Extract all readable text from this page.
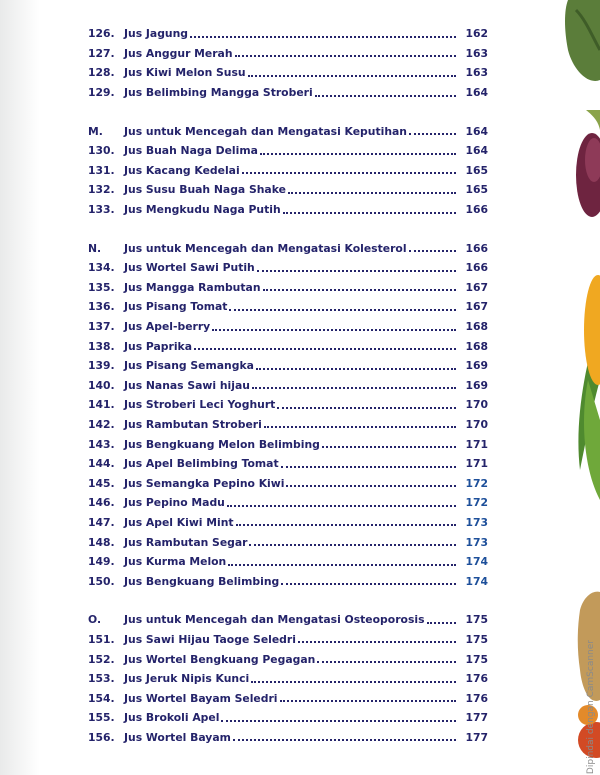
126. Jus Jagung	162
127. Jus Anggur Merah	163
128. Jus Kiwi Melon Susu	163
129. Jus Belimbing Mangga Stroberi	164
M.	Jus untuk Mencegah dan Mengatasi Keputihan	164
130. Jus Buah Naga Delima	164
131. Jus Kacang Kedelai	165
132. Jus Susu Buah Naga Shake	165
133. Jus Mengkudu Naga Putih	166
N.	Jus untuk Mencegah dan Mengatasi Kolesterol	166
134. Jus Wortel Sawi Putih	166
135. Jus Mangga Rambutan	167
136. Jus Pisang Tomat	167
137. Jus Apel-berry	168
138. Jus Paprika	168
139. Jus Pisang Semangka	169
140. Jus Nanas Sawi hijau	169
141. Jus Stroberi Leci Yoghurt	170
142. Jus Rambutan Stroberi	170
143. Jus Bengkuang Melon Belimbing	171
144. Jus Apel Belimbing Tomat	171
145. Jus Semangka Pepino Kiwi	172
146. Jus Pepino Madu	172
147. Jus Apel Kiwi Mint	173
148. Jus Rambutan Segar	173
149. Jus Kurma Melon	174
150. Jus Bengkuang Belimbing	174
O.	Jus untuk Mencegah dan Mengatasi Osteoporosis	175
151. Jus Sawi Hijau Taoge Seledri	175
152. Jus Wortel Bengkuang Pegagan	175
153. Jus Jeruk Nipis Kunci	176
154. Jus Wortel Bayam Seledri	176
155. Jus Brokoli Apel	177
156. Jus Wortel Bayam	177	Dipindai dengan CamScanner
